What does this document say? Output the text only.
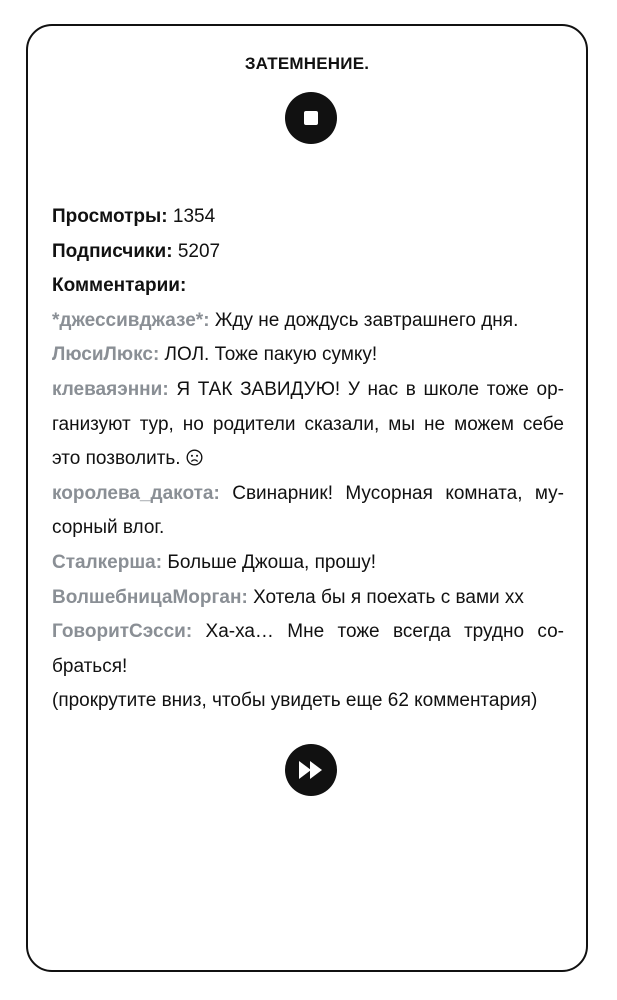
ЗАТЕМНЕНИЕ.

Просмотры: 1354

Подписчики: 5207

Комментарии:

*джессивджазе*: Жду не дождусь завтрашнего дня.

ЛюсиЛюкс: ЛОЛ. Тоже пакую сумку!

клеваяэнни: Я ТАК ЗАВИДУЮ! У нас в школе тоже ор-ганизуют тур, но родители сказали, мы не можем себе это позволить.

королева_дакота: Свинарник! Мусорная комната, му-сорный влог.

Сталкерша: Больше Джоша, прошу!

ВолшебницаМорган: Хотела бы я поехать с вами хх

ГоворитСэсси: Ха-ха… Мне тоже всегда трудно со-браться!

(прокрутите вниз, чтобы увидеть еще 62 комментария)
